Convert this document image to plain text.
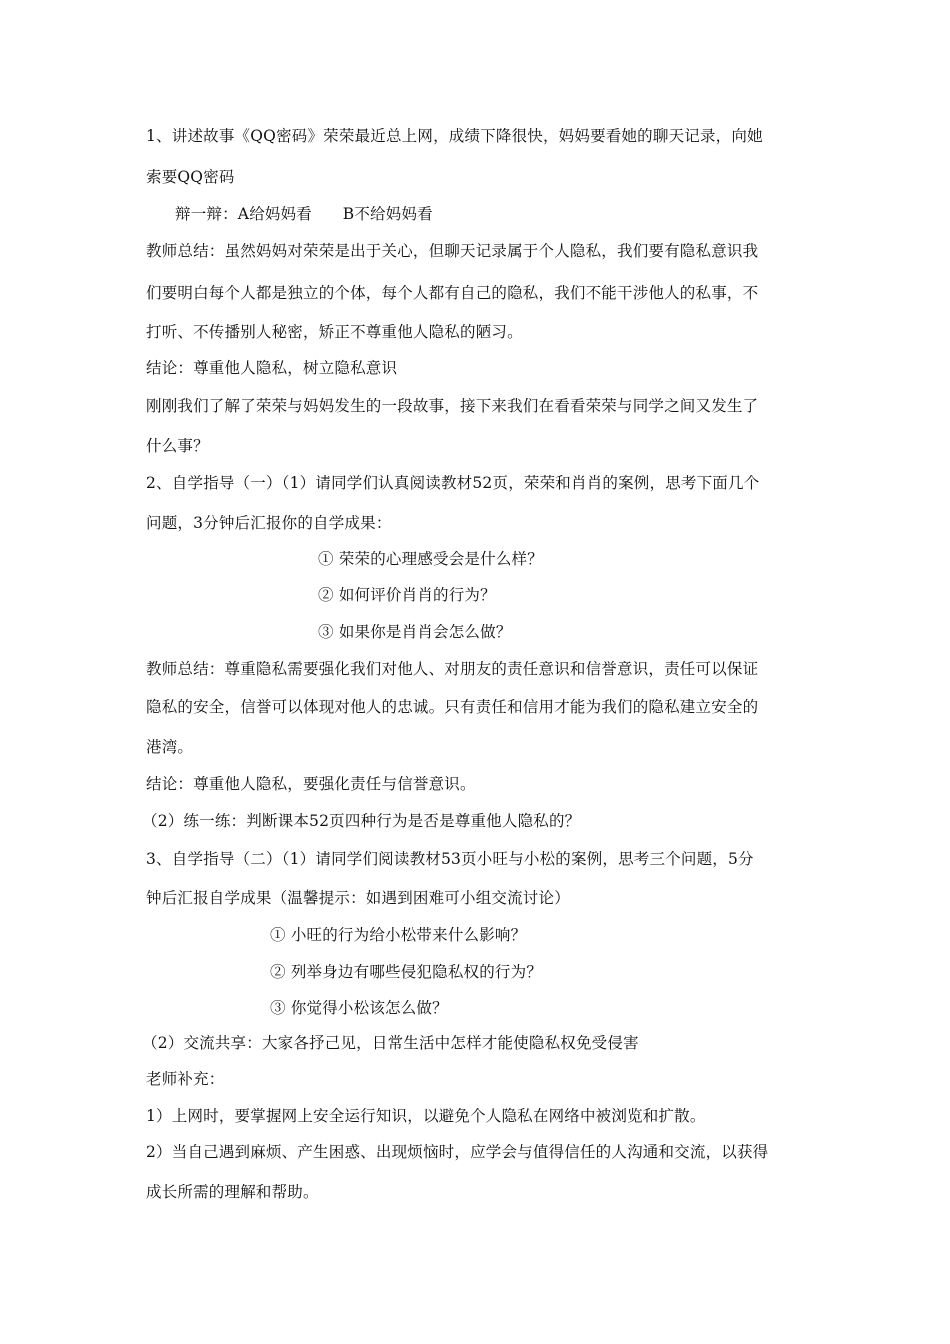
1、讲述故事《QQ密码》荣荣最近总上网，成绩下降很快，妈妈要看她的聊天记录，向她
索要QQ密码
辩一辩：A给妈妈看      B不给妈妈看
教师总结：虽然妈妈对荣荣是出于关心，但聊天记录属于个人隐私，我们要有隐私意识我
们要明白每个人都是独立的个体，每个人都有自己的隐私，我们不能干涉他人的私事，不
打听、不传播别人秘密，矫正不尊重他人隐私的陋习。
结论：尊重他人隐私，树立隐私意识
刚刚我们了解了荣荣与妈妈发生的一段故事，接下来我们在看看荣荣与同学之间又发生了
什么事？
2、自学指导（一）（1）请同学们认真阅读教材52页，荣荣和肖肖的案例，思考下面几个
问题，3分钟后汇报你的自学成果：
① 荣荣的心理感受会是什么样？
② 如何评价肖肖的行为？
③ 如果你是肖肖会怎么做？
教师总结：尊重隐私需要强化我们对他人、对朋友的责任意识和信誉意识，责任可以保证
隐私的安全，信誉可以体现对他人的忠诚。只有责任和信用才能为我们的隐私建立安全的
港湾。
结论：尊重他人隐私，要强化责任与信誉意识。
（2）练一练：判断课本52页四种行为是否是尊重他人隐私的？
3、自学指导（二）（1）请同学们阅读教材53页小旺与小松的案例，思考三个问题，5分
钟后汇报自学成果（温馨提示：如遇到困难可小组交流讨论）
① 小旺的行为给小松带来什么影响？
② 列举身边有哪些侵犯隐私权的行为？
③ 你觉得小松该怎么做？
（2）交流共享：大家各抒己见，日常生活中怎样才能使隐私权免受侵害
老师补充：
1）上网时，要掌握网上安全运行知识，以避免个人隐私在网络中被浏览和扩散。
2）当自己遇到麻烦、产生困惑、出现烦恼时，应学会与值得信任的人沟通和交流，以获得
成长所需的理解和帮助。
